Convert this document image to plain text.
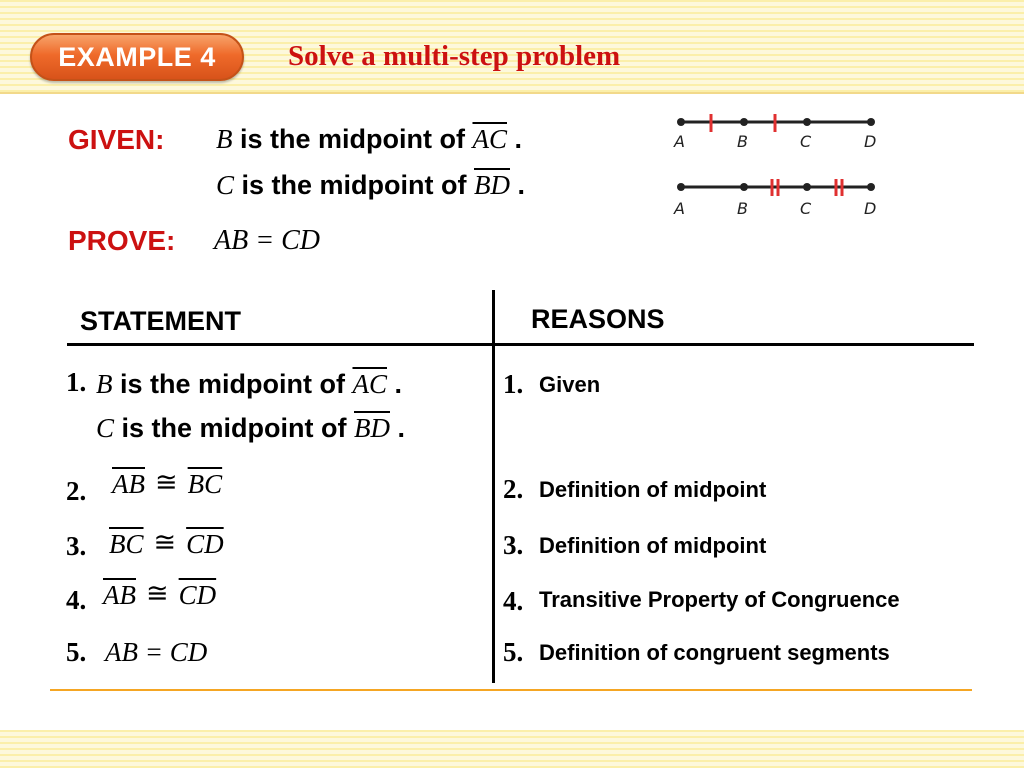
EXAMPLE 4	Solve a multi-step problem
GIVEN: B is the midpoint of $\overline{AC}$ .
C is the midpoint of $\overline{BD}$ .
PROVE: AB = CD
A	B	C	D
A	B	C	D
STATEMENT	REASONS
1. B is the midpoint of $\overline{AC}$ .
C is the midpoint of $\overline{BD}$ .
1. Given
2. $\overline{AB}$ ≅ $\overline{BC}$	2. Definition of midpoint
3. $\overline{BC}$ ≅ $\overline{CD}$	3. Definition of midpoint
4. $\overline{AB}$ ≅ $\overline{CD}$	4. Transitive Property of Congruence
5. AB = CD	5. Definition of congruent segments
